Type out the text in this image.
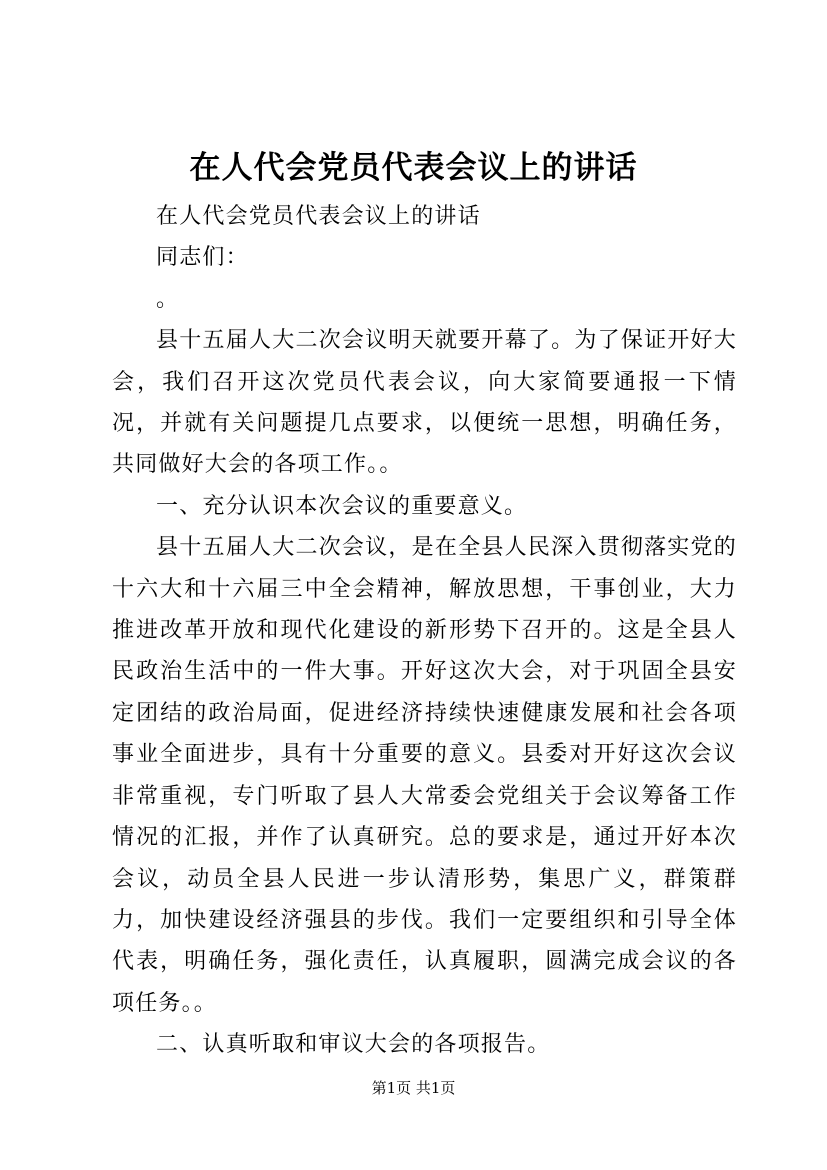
在人代会党员代表会议上的讲话

在人代会党员代表会议上的讲话

同志们：

。

县十五届人大二次会议明天就要开幕了。为了保证开好大会，我们召开这次党员代表会议，向大家简要通报一下情况，并就有关问题提几点要求，以便统一思想，明确任务，共同做好大会的各项工作。。

一、充分认识本次会议的重要意义。

县十五届人大二次会议，是在全县人民深入贯彻落实党的十六大和十六届三中全会精神，解放思想，干事创业，大力推进改革开放和现代化建设的新形势下召开的。这是全县人民政治生活中的一件大事。开好这次大会，对于巩固全县安定团结的政治局面，促进经济持续快速健康发展和社会各项事业全面进步，具有十分重要的意义。县委对开好这次会议非常重视，专门听取了县人大常委会党组关于会议筹备工作情况的汇报，并作了认真研究。总的要求是，通过开好本次会议，动员全县人民进一步认清形势，集思广义，群策群力，加快建设经济强县的步伐。我们一定要组织和引导全体代表，明确任务，强化责任，认真履职，圆满完成会议的各项任务。。

二、认真听取和审议大会的各项报告。

第1页 共1页
